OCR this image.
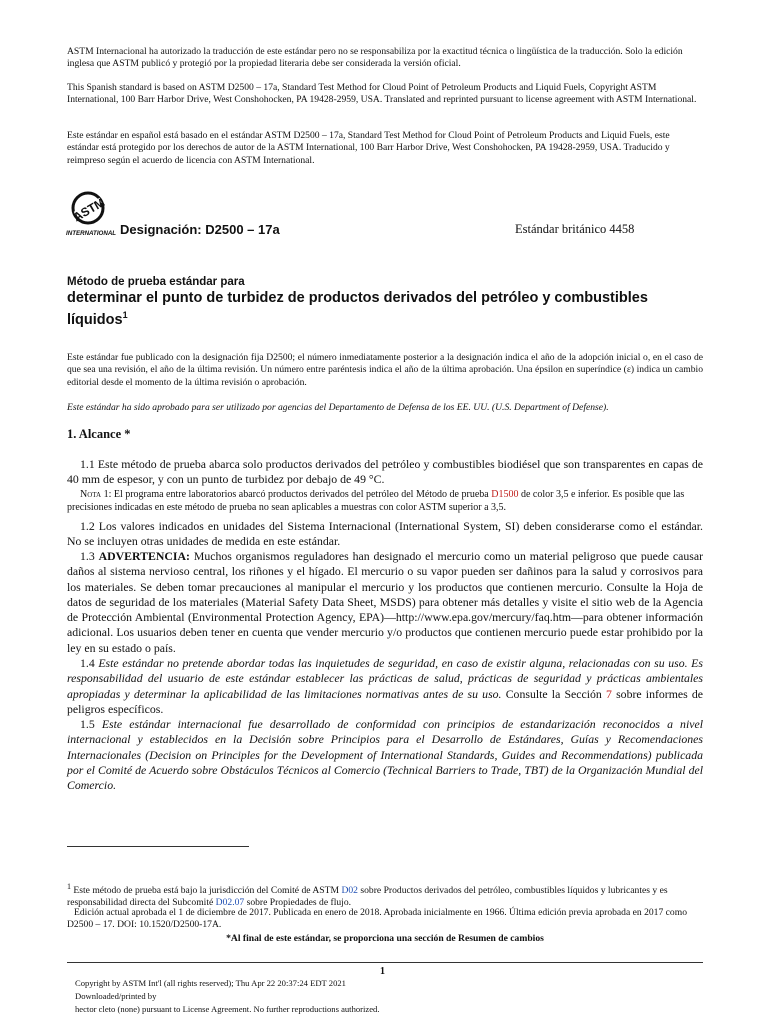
ASTM Internacional ha autorizado la traducción de este estándar pero no se responsabiliza por la exactitud técnica o lingüística de la traducción. Solo la edición inglesa que ASTM publicó y protegió por la propiedad literaria debe ser considerada la versión oficial.
This Spanish standard is based on ASTM D2500 – 17a, Standard Test Method for Cloud Point of Petroleum Products and Liquid Fuels, Copyright ASTM International, 100 Barr Harbor Drive, West Conshohocken, PA 19428-2959, USA. Translated and reprinted pursuant to license agreement with ASTM International.
Este estándar en español está basado en el estándar ASTM D2500 – 17a, Standard Test Method for Cloud Point of Petroleum Products and Liquid Fuels, este estándar está protegido por los derechos de autor de la ASTM International, 100 Barr Harbor Drive, West Conshohocken, PA 19428-2959, USA. Traducido y reimpreso según el acuerdo de licencia con ASTM International.
ASTM
INTERNATIONAL Designación: D2500 – 17a	Estándar británico 4458
Método de prueba estándar para
determinar el punto de turbidez de productos derivados del petróleo y combustibles líquidos$^1$
Este estándar fue publicado con la designación fija D2500; el número inmediatamente posterior a la designación indica el año de la adopción inicial o, en el caso de que sea una revisión, el año de la última revisión. Un número entre paréntesis indica el año de la última aprobación. Una épsilon en superíndice (ε) indica un cambio editorial desde el momento de la última revisión o aprobación.
Este estándar ha sido aprobado para ser utilizado por agencias del Departamento de Defensa de los EE. UU. (U.S. Department of Defense).
1. Alcance *
1.1 Este método de prueba abarca solo productos derivados del petróleo y combustibles biodiésel que son transparentes en capas de 40 mm de espesor, y con un punto de turbidez por debajo de 49 °C.
Nota 1: El programa entre laboratorios abarcó productos derivados del petróleo del Método de prueba D1500 de color 3,5 e inferior. Es posible que las precisiones indicadas en este método de prueba no sean aplicables a muestras con color ASTM superior a 3,5.
1.2 Los valores indicados en unidades del Sistema Internacional (International System, SI) deben considerarse como el estándar. No se incluyen otras unidades de medida en este estándar.
1.3 ADVERTENCIA: Muchos organismos reguladores han designado el mercurio como un material peligroso que puede causar daños al sistema nervioso central, los riñones y el hígado. El mercurio o su vapor pueden ser dañinos para la salud y corrosivos para los materiales. Se deben tomar precauciones al manipular el mercurio y los productos que contienen mercurio. Consulte la Hoja de datos de seguridad de los materiales (Material Safety Data Sheet, MSDS) para obtener más detalles y visite el sitio web de la Agencia de Protección Ambiental (Environmental Protection Agency, EPA)—http://www.epa.gov/mercury/faq.htm—para obtener información adicional. Los usuarios deben tener en cuenta que vender mercurio y/o productos que contienen mercurio puede estar prohibido por la ley en su estado o país.
1.4 Este estándar no pretende abordar todas las inquietudes de seguridad, en caso de existir alguna, relacionadas con su uso. Es responsabilidad del usuario de este estándar establecer las prácticas de salud, prácticas de seguridad y prácticas ambientales apropiadas y determinar la aplicabilidad de las limitaciones normativas antes de su uso. Consulte la Sección 7 sobre informes de peligros específicos.
1.5 Este estándar internacional fue desarrollado de conformidad con principios de estandarización reconocidos a nivel internacional y establecidos en la Decisión sobre Principios para el Desarrollo de Estándares, Guías y Recomendaciones Internacionales (Decision on Principles for the Development of International Standards, Guides and Recommendations) publicada por el Comité de Acuerdo sobre Obstáculos Técnicos al Comercio (Technical Barriers to Trade, TBT) de la Organización Mundial del Comercio.
$^1$ Este método de prueba está bajo la jurisdicción del Comité de ASTM D02 sobre Productos derivados del petróleo, combustibles líquidos y lubricantes y es responsabilidad directa del Subcomité D02.07 sobre Propiedades de flujo.
Edición actual aprobada el 1 de diciembre de 2017. Publicada en enero de 2018. Aprobada inicialmente en 1966. Última edición previa aprobada en 2017 como D2500 – 17. DOI: 10.1520/D2500-17A.
*Al final de este estándar, se proporciona una sección de Resumen de cambios
1
Copyright by ASTM Int'l (all rights reserved); Thu Apr 22 20:37:24 EDT 2021
Downloaded/printed by
hector cleto (none) pursuant to License Agreement. No further reproductions authorized.
